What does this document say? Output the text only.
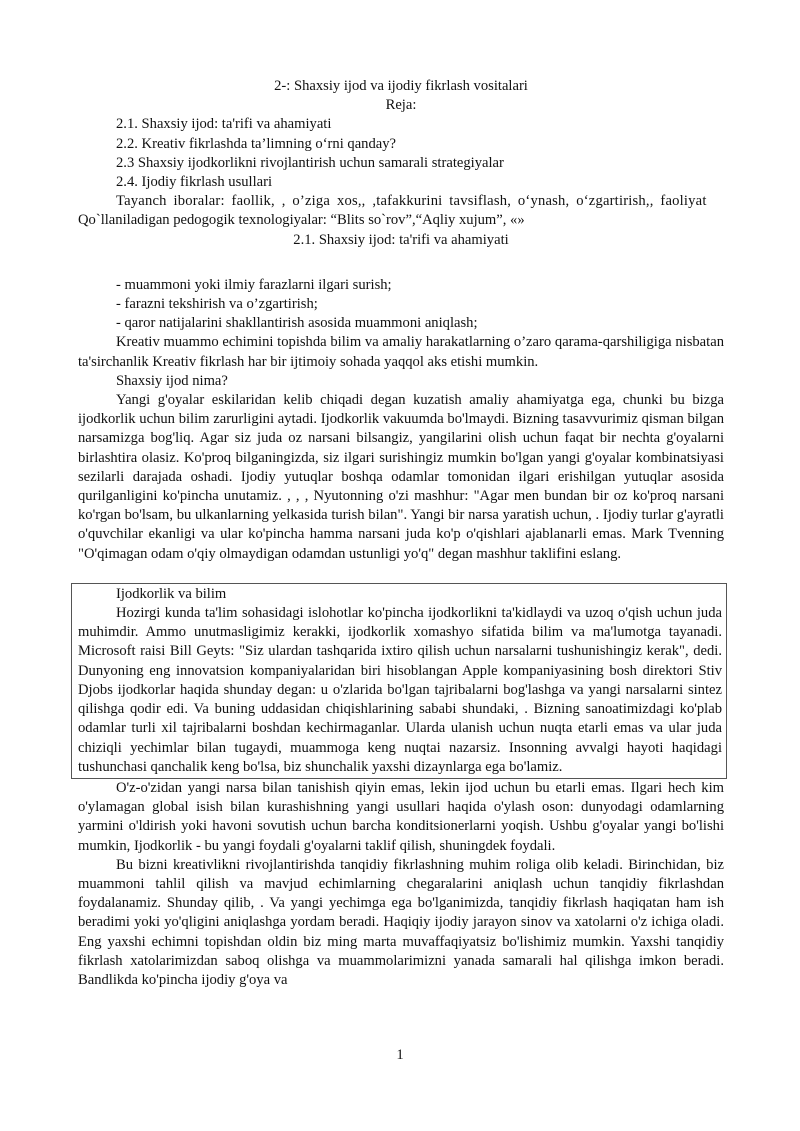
2-: Shaxsiy ijod va ijodiy fikrlash vositalari

Reja:

2.1. Shaxsiy ijod: ta'rifi va ahamiyati

2.2. Kreativ fikrlashda ta’limning oʻrni qanday?

2.3 Shaxsiy ijodkorlikni rivojlantirish uchun samarali strategiyalar

2.4. Ijodiy fikrlash usullari

Tayanch iboralar: faollik, , o’ziga xos,, ,tafakkurini tavsiflash, oʻynash, oʻzgartirish,, faoliyat

Qo`llaniladigan pedogogik texnologiyalar: “Blits so`rov”,“Aqliy xujum”, «»

2.1. Shaxsiy ijod: ta'rifi va ahamiyati

- muammoni yoki ilmiy farazlarni ilgari surish;

- farazni tekshirish va o’zgartirish;

- qaror natijalarini shakllantirish asosida muammoni aniqlash;

Kreativ muammo echimini topishda bilim va amaliy harakatlarning o’zaro qarama-qarshiligiga nisbatan ta'sirchanlik Kreativ fikrlash har bir ijtimoiy sohada yaqqol aks etishi mumkin.

Shaxsiy ijod nima?

Yangi g'oyalar eskilaridan kelib chiqadi degan kuzatish amaliy ahamiyatga ega, chunki bu bizga ijodkorlik uchun bilim zarurligini aytadi. Ijodkorlik vakuumda bo'lmaydi. Bizning tasavvurimiz qisman bilgan narsamizga bog'liq. Agar siz juda oz narsani bilsangiz, yangilarini olish uchun faqat bir nechta g'oyalarni birlashtira olasiz. Ko'proq bilganingizda, siz ilgari surishingiz mumkin bo'lgan yangi g'oyalar kombinatsiyasi sezilarli darajada oshadi. Ijodiy yutuqlar boshqa odamlar tomonidan ilgari erishilgan yutuqlar asosida qurilganligini ko'pincha unutamiz. , , , Nyutonning o'zi mashhur: "Agar men bundan bir oz ko'proq narsani ko'rgan bo'lsam, bu ulkanlarning yelkasida turish bilan". Yangi bir narsa yaratish uchun, . Ijodiy turlar g'ayratli o'quvchilar ekanligi va ular ko'pincha hamma narsani juda ko'p o'qishlari ajablanarli emas. Mark Tvenning "O'qimagan odam o'qiy olmaydigan odamdan ustunligi yo'q" degan mashhur taklifini eslang.

Ijodkorlik va bilim

Hozirgi kunda ta'lim sohasidagi islohotlar ko'pincha ijodkorlikni ta'kidlaydi va uzoq o'qish uchun juda muhimdir. Ammo unutmasligimiz kerakki, ijodkorlik xomashyo sifatida bilim va ma'lumotga tayanadi. Microsoft raisi Bill Geyts: "Siz ulardan tashqarida ixtiro qilish uchun narsalarni tushunishingiz kerak", dedi. Dunyoning eng innovatsion kompaniyalaridan biri hisoblangan Apple kompaniyasining bosh direktori Stiv Djobs ijodkorlar haqida shunday degan: u o'zlarida bo'lgan tajribalarni bog'lashga va yangi narsalarni sintez qilishga qodir edi. Va buning uddasidan chiqishlarining sababi shundaki, . Bizning sanoatimizdagi ko'plab odamlar turli xil tajribalarni boshdan kechirmaganlar. Ularda ulanish uchun nuqta etarli emas va ular juda chiziqli yechimlar bilan tugaydi, muammoga keng nuqtai nazarsiz. Insonning avvalgi hayoti haqidagi tushunchasi qanchalik keng bo'lsa, biz shunchalik yaxshi dizaynlarga ega bo'lamiz.

O'z-o'zidan yangi narsa bilan tanishish qiyin emas, lekin ijod uchun bu etarli emas. Ilgari hech kim o'ylamagan global isish bilan kurashishning yangi usullari haqida o'ylash oson: dunyodagi odamlarning yarmini o'ldirish yoki havoni sovutish uchun barcha konditsionerlarni yoqish. Ushbu g'oyalar yangi bo'lishi mumkin, Ijodkorlik - bu yangi foydali g'oyalarni taklif qilish, shuningdek foydali.

Bu bizni kreativlikni rivojlantirishda tanqidiy fikrlashning muhim roliga olib keladi. Birinchidan, biz muammoni tahlil qilish va mavjud echimlarning chegaralarini aniqlash uchun tanqidiy fikrlashdan foydalanamiz. Shunday qilib, . Va yangi yechimga ega bo'lganimizda, tanqidiy fikrlash haqiqatan ham ish beradimi yoki yo'qligini aniqlashga yordam beradi. Haqiqiy ijodiy jarayon sinov va xatolarni o'z ichiga oladi. Eng yaxshi echimni topishdan oldin biz ming marta muvaffaqiyatsiz bo'lishimiz mumkin. Yaxshi tanqidiy fikrlash xatolarimizdan saboq olishga va muammolarimizni yanada samarali hal qilishga imkon beradi. Bandlikda ko'pincha ijodiy g'oya va

1
